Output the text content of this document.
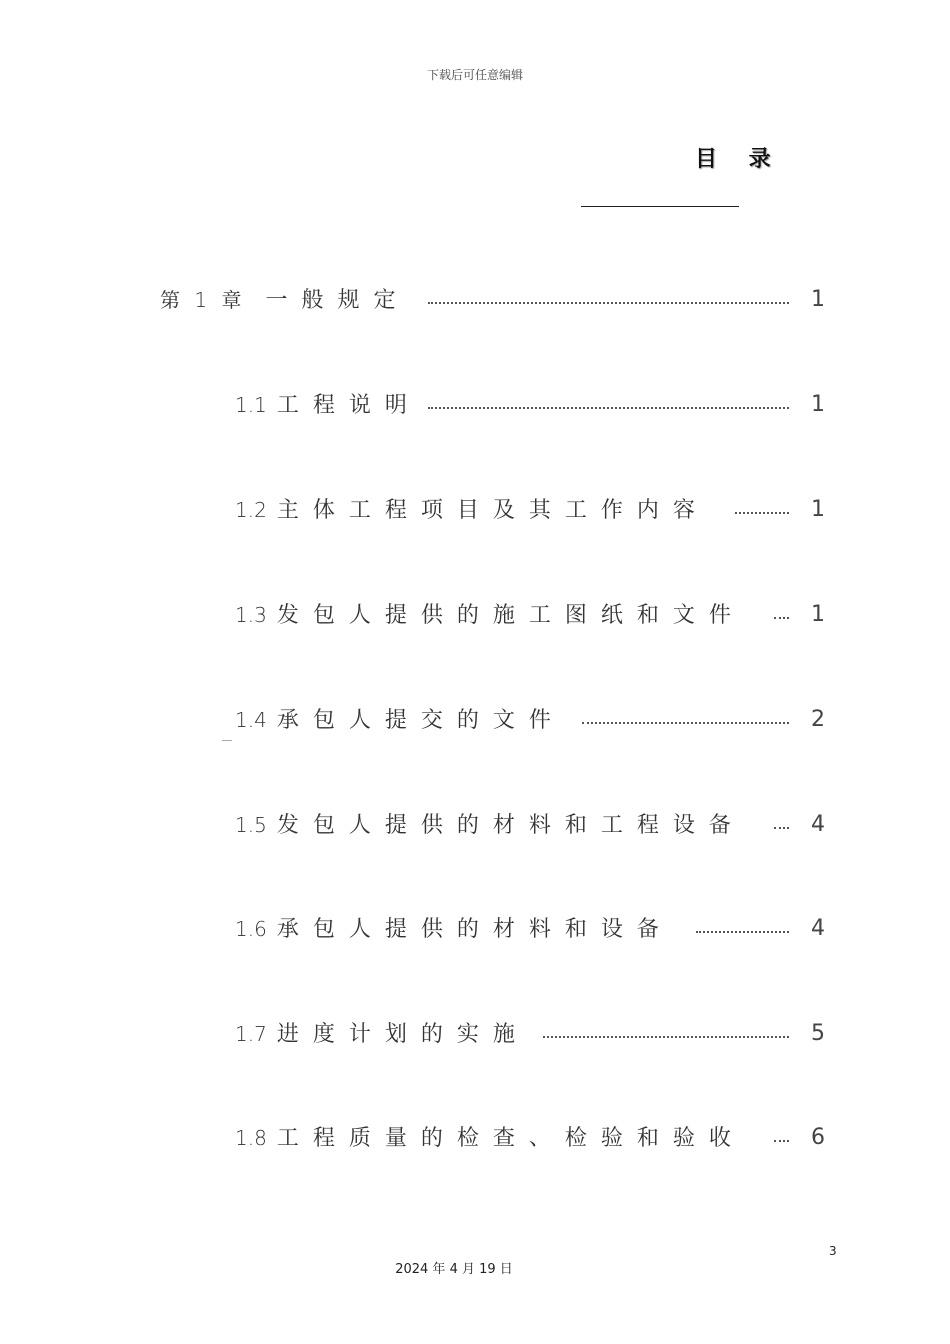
下载后可任意编辑
目 录
第 1 章 一般规定	1
1.1 工程说明	1
1.2 主体工程项目及其工作内容	1
1.3 发包人提供的施工图纸和文件	1
1.4 承包人提交的文件	2
1.5 发包人提供的材料和工程设备	4
1.6 承包人提供的材料和设备	4
1.7 进度计划的实施	5
1.8 工程质量的检查、检验和验收	6
3
2024 年 4 月 19 日
